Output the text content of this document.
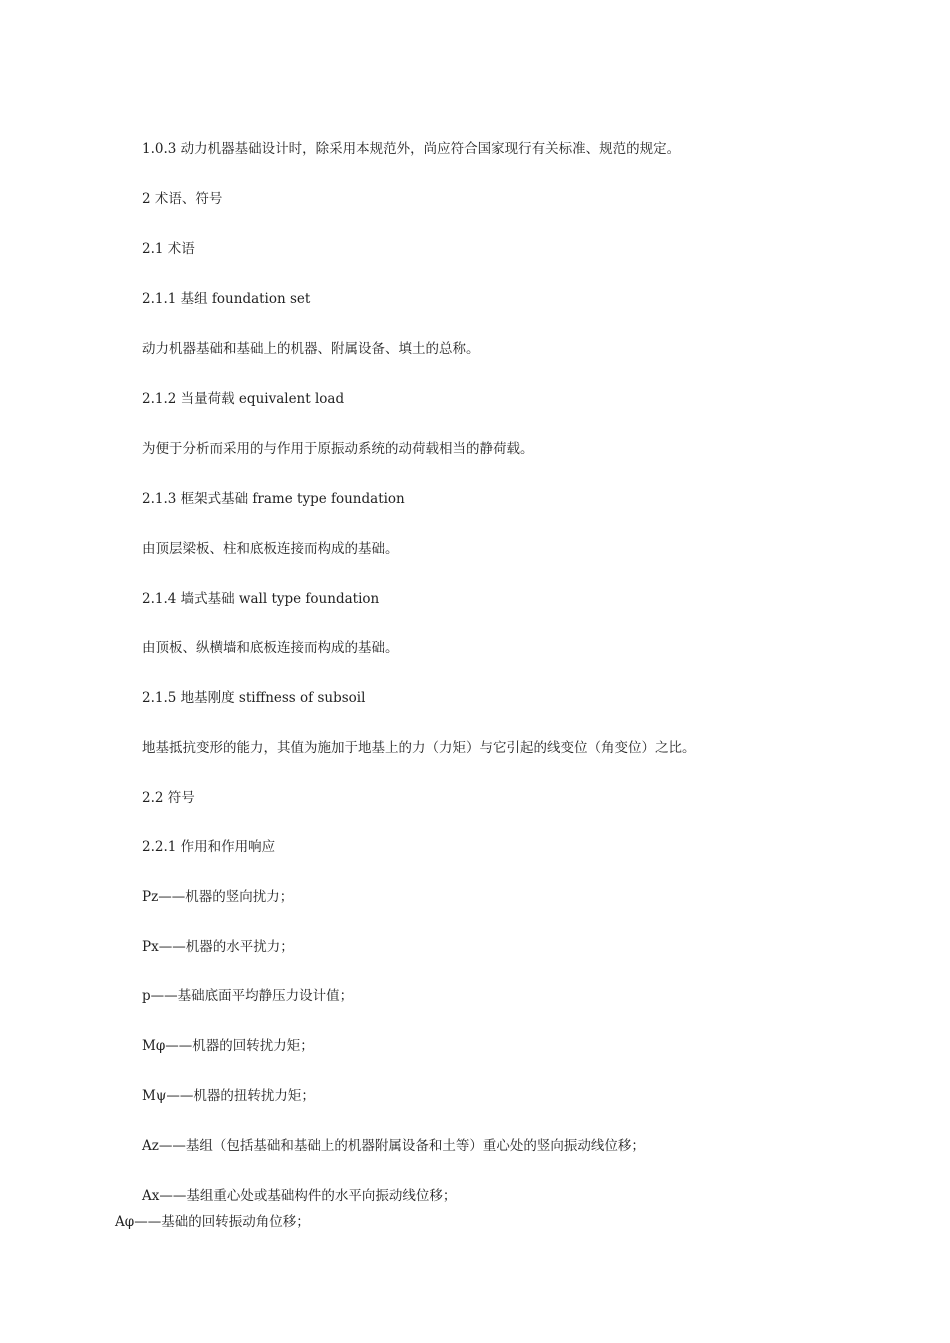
1.0.3 动力机器基础设计时，除采用本规范外，尚应符合国家现行有关标准、规范的规定。
2 术语、符号
2.1 术语
2.1.1 基组 foundation set
动力机器基础和基础上的机器、附属设备、填土的总称。
2.1.2 当量荷载 equivalent load
为便于分析而采用的与作用于原振动系统的动荷载相当的静荷载。
2.1.3 框架式基础 frame type foundation
由顶层梁板、柱和底板连接而构成的基础。
2.1.4 墙式基础 wall type foundation
由顶板、纵横墙和底板连接而构成的基础。
2.1.5 地基刚度 stiffness of subsoil
地基抵抗变形的能力，其值为施加于地基上的力（力矩）与它引起的线变位（角变位）之比。
2.2 符号
2.2.1 作用和作用响应
Pz——机器的竖向扰力；
Px——机器的水平扰力；
p——基础底面平均静压力设计值；
Mφ——机器的回转扰力矩；
Mψ——机器的扭转扰力矩；
Az——基组（包括基础和基础上的机器附属设备和土等）重心处的竖向振动线位移；
Ax——基组重心处或基础构件的水平向振动线位移；
Aφ——基础的回转振动角位移；
